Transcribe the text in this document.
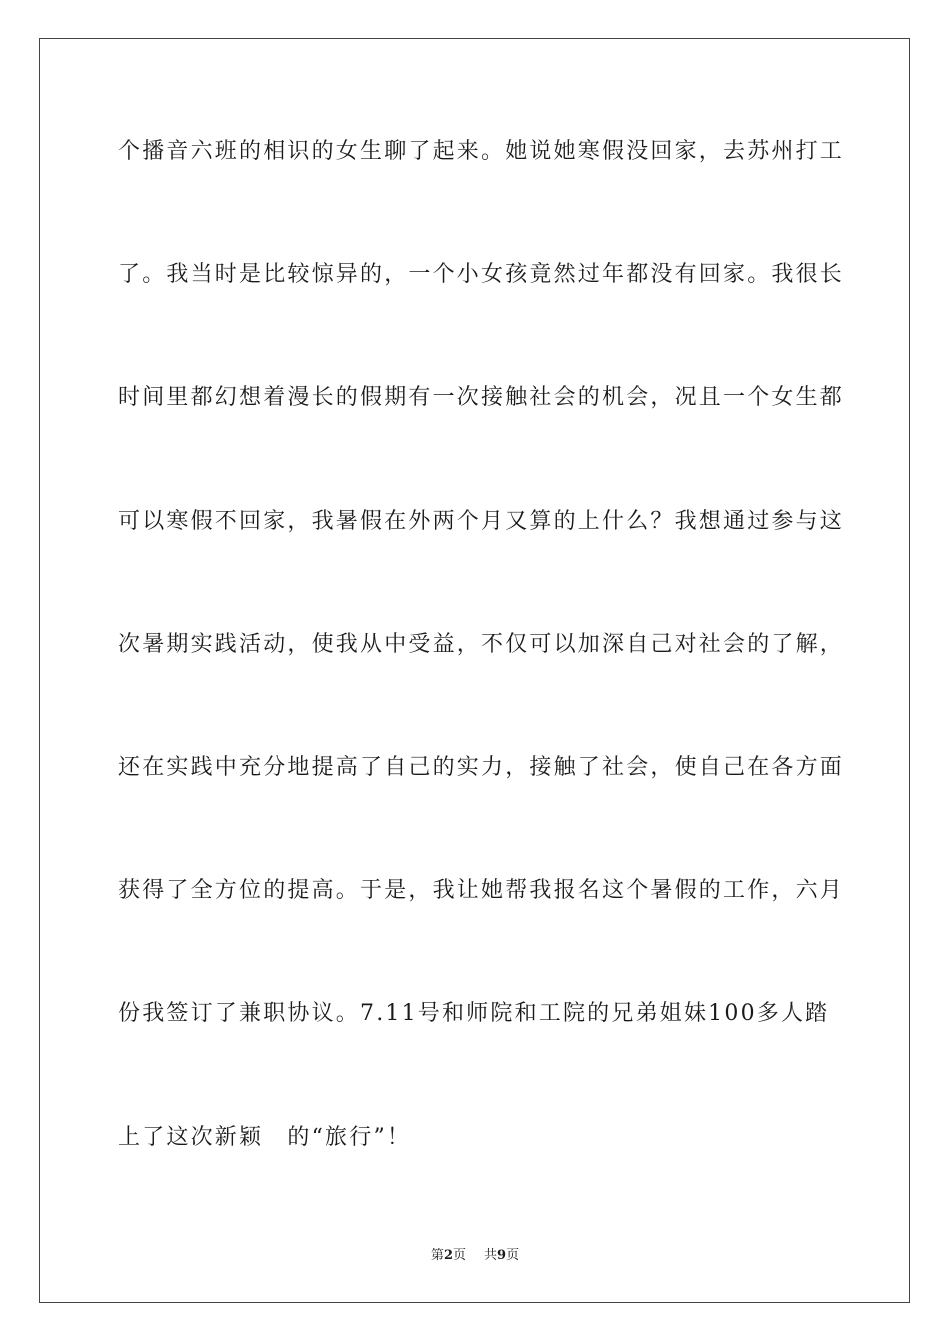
个播音六班的相识的女生聊了起来。她说她寒假没回家，去苏州打工
了。我当时是比较惊异的，一个小女孩竟然过年都没有回家。我很长
时间里都幻想着漫长的假期有一次接触社会的机会，况且一个女生都
可以寒假不回家，我暑假在外两个月又算的上什么？我想通过参与这
次暑期实践活动，使我从中受益，不仅可以加深自己对社会的了解，
还在实践中充分地提高了自己的实力，接触了社会，使自己在各方面
获得了全方位的提高。于是，我让她帮我报名这个暑假的工作，六月
份我签订了兼职协议。7.11号和师院和工院的兄弟姐妹100多人踏
上了这次新颖　的“旅行”！
第2页 共9页
